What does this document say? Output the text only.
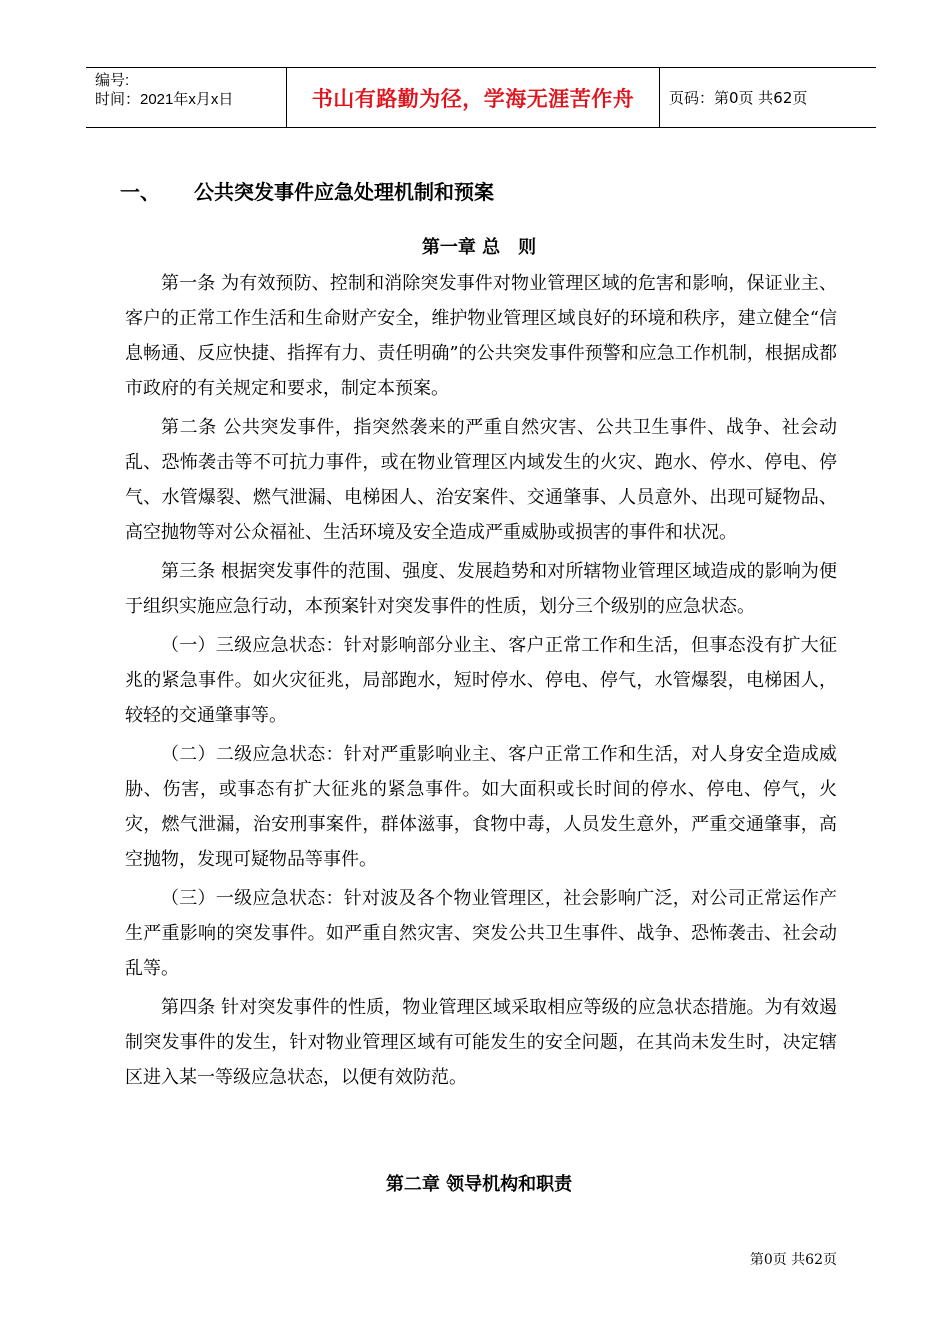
编号:
时间：2021年x月x日	书山有路勤为径，学海无涯苦作舟	页码：第0页 共62页
一、 公共突发事件应急处理机制和预案
第一章 总　则

第一条 为有效预防、控制和消除突发事件对物业管理区域的危害和影响，保证业主、客户的正常工作生活和生命财产安全，维护物业管理区域良好的环境和秩序，建立健全“信息畅通、反应快捷、指挥有力、责任明确”的公共突发事件预警和应急工作机制，根据成都市政府的有关规定和要求，制定本预案。

第二条 公共突发事件，指突然袭来的严重自然灾害、公共卫生事件、战争、社会动乱、恐怖袭击等不可抗力事件，或在物业管理区内域发生的火灾、跑水、停水、停电、停气、水管爆裂、燃气泄漏、电梯困人、治安案件、交通肇事、人员意外、出现可疑物品、高空抛物等对公众福祉、生活环境及安全造成严重威胁或损害的事件和状况。

第三条 根据突发事件的范围、强度、发展趋势和对所辖物业管理区域造成的影响为便于组织实施应急行动，本预案针对突发事件的性质，划分三个级别的应急状态。

（一）三级应急状态：针对影响部分业主、客户正常工作和生活，但事态没有扩大征兆的紧急事件。如火灾征兆，局部跑水，短时停水、停电、停气，水管爆裂，电梯困人，较轻的交通肇事等。

（二）二级应急状态：针对严重影响业主、客户正常工作和生活，对人身安全造成威胁、伤害，或事态有扩大征兆的紧急事件。如大面积或长时间的停水、停电、停气，火灾，燃气泄漏，治安刑事案件，群体滋事，食物中毒，人员发生意外，严重交通肇事，高空抛物，发现可疑物品等事件。

（三）一级应急状态：针对波及各个物业管理区，社会影响广泛，对公司正常运作产生严重影响的突发事件。如严重自然灾害、突发公共卫生事件、战争、恐怖袭击、社会动乱等。

第四条 针对突发事件的性质，物业管理区域采取相应等级的应急状态措施。为有效遏制突发事件的发生，针对物业管理区域有可能发生的安全问题，在其尚未发生时，决定辖区进入某一等级应急状态，以便有效防范。

第二章 领导机构和职责
第0页 共62页
